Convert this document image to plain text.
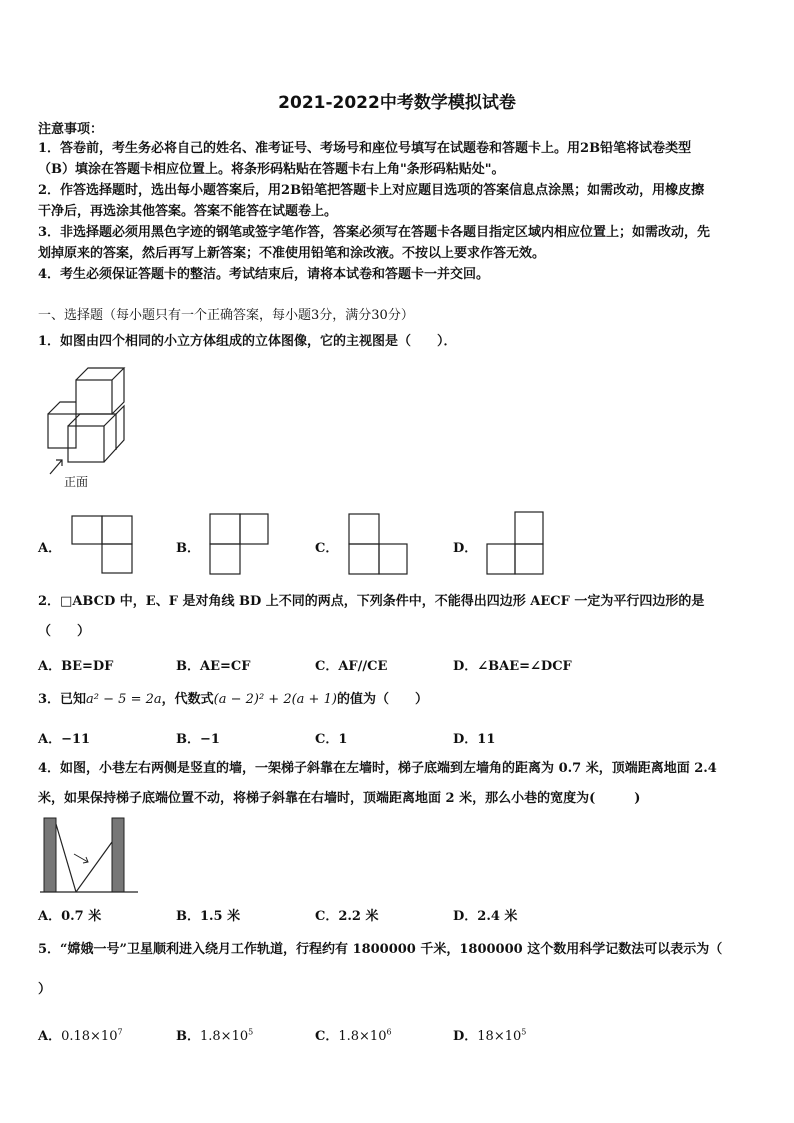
2021-2022中考数学模拟试卷
注意事项：
1．答卷前，考生务必将自己的姓名、准考证号、考场号和座位号填写在试题卷和答题卡上。用2B铅笔将试卷类型
（B）填涂在答题卡相应位置上。将条形码粘贴在答题卡右上角"条形码粘贴处"。
2．作答选择题时，选出每小题答案后，用2B铅笔把答题卡上对应题目选项的答案信息点涂黑；如需改动，用橡皮擦
干净后，再选涂其他答案。答案不能答在试题卷上。
3．非选择题必须用黑色字迹的钢笔或签字笔作答，答案必须写在答题卡各题目指定区域内相应位置上；如需改动，先
划掉原来的答案，然后再写上新答案；不准使用铅笔和涂改液。不按以上要求作答无效。
4．考生必须保证答题卡的整洁。考试结束后，请将本试卷和答题卡一并交回。
一、选择题（每小题只有一个正确答案，每小题3分，满分30分）
1．如图由四个相同的小立方体组成的立体图像，它的主视图是（　　）．
正面
A．	B．	C．	D．
2．□ABCD 中，E、F 是对角线 BD 上不同的两点，下列条件中，不能得出四边形 AECF 一定为平行四边形的是
（　　）
A．BE=DF	B．AE=CF	C．AF//CE	D．∠BAE=∠DCF
3．已知a² − 5 = 2a，代数式(a − 2)² + 2(a + 1)的值为（　　）
A．−11	B．−1	C．1	D．11
4．如图，小巷左右两侧是竖直的墙，一架梯子斜靠在左墙时，梯子底端到左墙角的距离为 0.7 米，顶端距离地面 2.4
米，如果保持梯子底端位置不动，将梯子斜靠在右墙时，顶端距离地面 2 米，那么小巷的宽度为(　　　)
A．0.7 米	B．1.5 米	C．2.2 米	D．2.4 米
5．“嫦娥一号”卫星顺利进入绕月工作轨道，行程约有 1800000 千米，1800000 这个数用科学记数法可以表示为（
）
A．$0.18\times 10^7$	B．$1.8\times 10^5$	C．$1.8\times 10^6$	D．$18\times 10^5$
